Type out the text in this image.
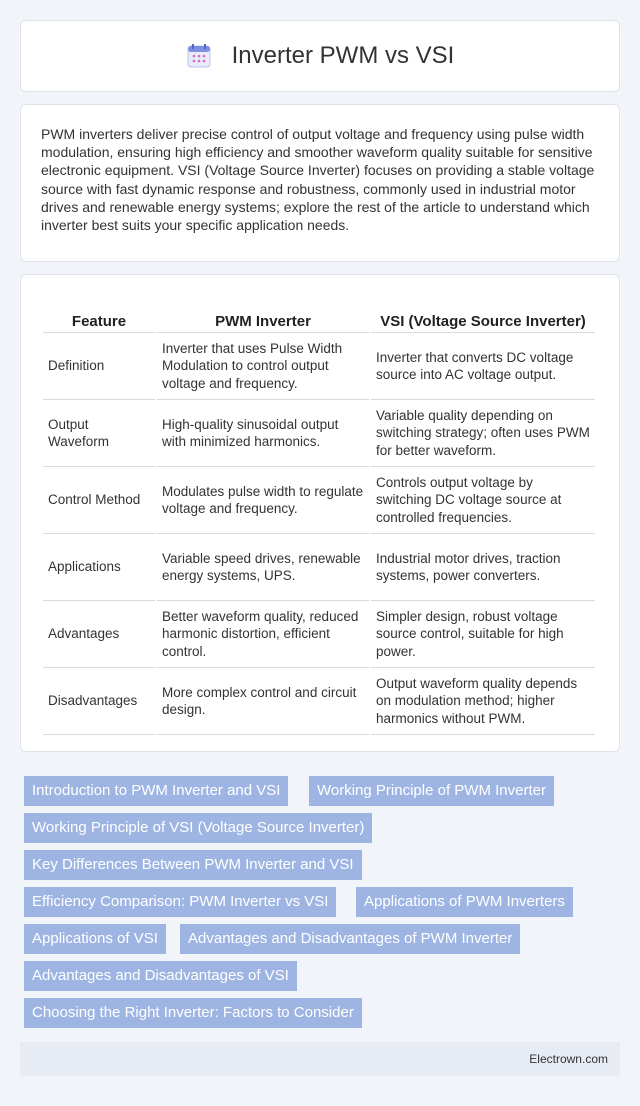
Inverter PWM vs VSI

PWM inverters deliver precise control of output voltage and frequency using pulse width modulation, ensuring high efficiency and smoother waveform quality suitable for sensitive electronic equipment. VSI (Voltage Source Inverter) focuses on providing a stable voltage source with fast dynamic response and robustness, commonly used in industrial motor drives and renewable energy systems; explore the rest of the article to understand which inverter best suits your specific application needs.

Feature	PWM Inverter	VSI (Voltage Source Inverter)
Definition	Inverter that uses Pulse Width Modulation to control output voltage and frequency.	Inverter that converts DC voltage source into AC voltage output.
Output Waveform	High-quality sinusoidal output with minimized harmonics.	Variable quality depending on switching strategy; often uses PWM for better waveform.
Control Method	Modulates pulse width to regulate voltage and frequency.	Controls output voltage by switching DC voltage source at controlled frequencies.
Applications	Variable speed drives, renewable energy systems, UPS.	Industrial motor drives, traction systems, power converters.
Advantages	Better waveform quality, reduced harmonic distortion, efficient control.	Simpler design, robust voltage source control, suitable for high power.
Disadvantages	More complex control and circuit design.	Output waveform quality depends on modulation method; higher harmonics without PWM.
Introduction to PWM Inverter and VSI	Working Principle of PWM Inverter
Working Principle of VSI (Voltage Source Inverter)
Key Differences Between PWM Inverter and VSI
Efficiency Comparison: PWM Inverter vs VSI	Applications of PWM Inverters
Applications of VSI	Advantages and Disadvantages of PWM Inverter
Advantages and Disadvantages of VSI
Choosing the Right Inverter: Factors to Consider
Electrown.com
